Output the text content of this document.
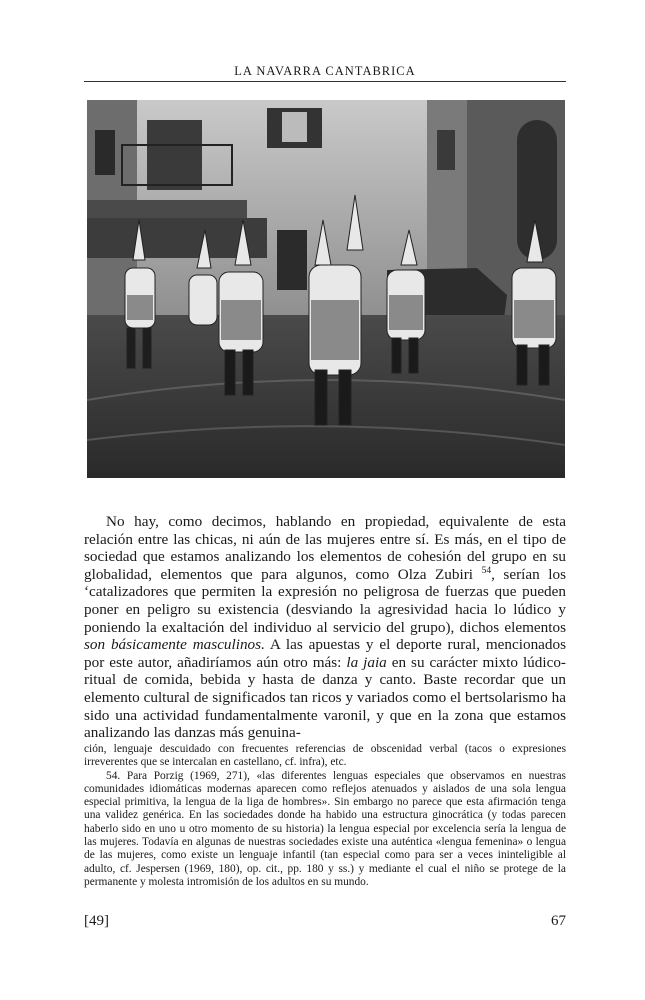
LA NAVARRA CANTABRICA

No hay, como decimos, hablando en propiedad, equivalente de esta relación entre las chicas, ni aún de las mujeres entre sí. Es más, en el tipo de sociedad que estamos analizando los elementos de cohesión del grupo en su globalidad, elementos que para algunos, como Olza Zubiri $^{54}$, serían los ‘catalizadores que permiten la expresión no peligrosa de fuerzas que pueden poner en peligro su existencia (desviando la agresividad hacia lo lúdico y poniendo la exaltación del individuo al servicio del grupo), dichos elementos son básicamente masculinos. A las apuestas y el deporte rural, mencionados por este autor, añadiríamos aún otro más: la jaia en su carácter mixto lúdico-ritual de comida, bebida y hasta de danza y canto. Baste recordar que un elemento cultural de significados tan ricos y variados como el bertsolarismo ha sido una actividad fundamentalmente varonil, y que en la zona que estamos analizando las danzas más genuina-

ción, lenguaje descuidado con frecuentes referencias de obscenidad verbal (tacos o expresiones irreverentes que se intercalan en castellano, cf. infra), etc.

54. Para Porzig (1969, 271), «las diferentes lenguas especiales que observamos en nuestras comunidades idiomáticas modernas aparecen como reflejos atenuados y aislados de una sola lengua especial primitiva, la lengua de la liga de hombres». Sin embargo no parece que esta afirmación tenga una validez genérica. En las sociedades donde ha habido una estructura ginocrática (y todas parecen haberlo sido en uno u otro momento de su historia) la lengua especial por excelencia sería la lengua de las mujeres. Todavía en algunas de nuestras sociedades existe una auténtica «lengua femenina» o lengua de las mujeres, como existe un lenguaje infantil (tan especial como para ser a veces ininteligible al adulto, cf. Jespersen (1969, 180), op. cit., pp. 180 y ss.) y mediante el cual el niño se protege de la permanente y molesta intromisión de los adultos en su mundo.

[49]	67
